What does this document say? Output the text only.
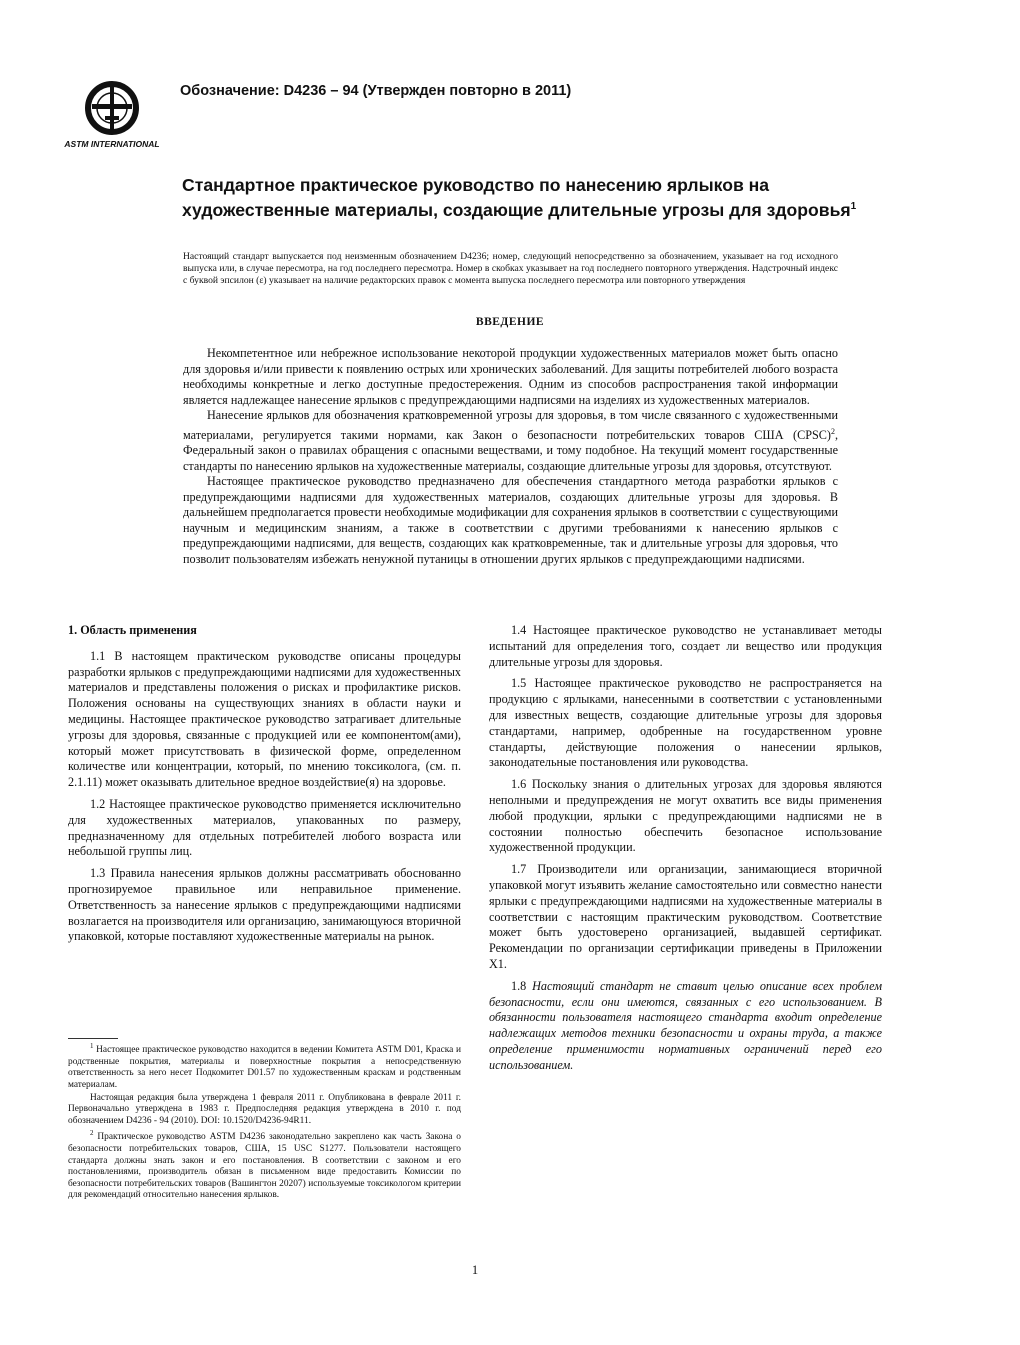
ASTM INTERNATIONAL
Обозначение: D4236 – 94 (Утвержден повторно в 2011)
Стандартное практическое руководство по нанесению ярлыков на художественные материалы, создающие длительные угрозы для здоровья$^1$

Настоящий стандарт выпускается под неизменным обозначением D4236; номер, следующий непосредственно за обозначением, указывает на год исходного выпуска или, в случае пересмотра, на год последнего пересмотра. Номер в скобках указывает на год последнего повторного утверждения. Надстрочный индекс с буквой эпсилон (ε) указывает на наличие редакторских правок с момента выпуска последнего пересмотра или повторного утверждения

ВВЕДЕНИЕ

Некомпетентное или небрежное использование некоторой продукции художественных материалов может быть опасно для здоровья и/или привести к появлению острых или хронических заболеваний. Для защиты потребителей любого возраста необходимы конкретные и легко доступные предостережения. Одним из способов распространения такой информации является надлежащее нанесение ярлыков с предупреждающими надписями на изделиях из художественных материалов.

Нанесение ярлыков для обозначения кратковременной угрозы для здоровья, в том числе связанного с художественными материалами, регулируется такими нормами, как Закон о безопасности потребительских товаров США (CPSC)$^2$, Федеральный закон о правилах обращения с опасными веществами, и тому подобное. На текущий момент государственные стандарты по нанесению ярлыков на художественные материалы, создающие длительные угрозы для здоровья, отсутствуют.

Настоящее практическое руководство предназначено для обеспечения стандартного метода разработки ярлыков с предупреждающими надписями для художественных материалов, создающих длительные угрозы для здоровья. В дальнейшем предполагается провести необходимые модификации для сохранения ярлыков в соответствии с существующими научным и медицинским знаниям, а также в соответствии с другими требованиями к нанесению ярлыков с предупреждающими надписями, для веществ, создающих как кратковременные, так и длительные угрозы для здоровья, что позволит пользователям избежать ненужной путаницы в отношении других ярлыков с предупреждающими надписями.

1. Область применения

1.1 В настоящем практическом руководстве описаны процедуры разработки ярлыков с предупреждающими надписями для художественных материалов и представлены положения о рисках и профилактике рисков. Положения основаны на существующих знаниях в области науки и медицины. Настоящее практическое руководство затрагивает длительные угрозы для здоровья, связанные с продукцией или ее компонентом(ами), который может присутствовать в физической форме, определенном количестве или концентрации, который, по мнению токсиколога, (см. п. 2.1.11) может оказывать длительное вредное воздействие(я) на здоровье.

1.2 Настоящее практическое руководство применяется исключительно для художественных материалов, упакованных по размеру, предназначенному для отдельных потребителей любого возраста или небольшой группы лиц.

1.3 Правила нанесения ярлыков должны рассматривать обоснованно прогнозируемое правильное или неправильное применение. Ответственность за нанесение ярлыков с предупреждающими надписями возлагается на производителя или организацию, занимающуюся вторичной упаковкой, которые поставляют художественные материалы на рынок.

1.4 Настоящее практическое руководство не устанавливает методы испытаний для определения того, создает ли вещество или продукция длительные угрозы для здоровья.

1.5 Настоящее практическое руководство не распространяется на продукцию с ярлыками, нанесенными в соответствии с установленными для известных веществ, создающие длительные угрозы для здоровья стандартами, например, одобренные на государственном уровне стандарты, действующие положения о нанесении ярлыков, законодательные постановления или руководства.

1.6 Поскольку знания о длительных угрозах для здоровья являются неполными и предупреждения не могут охватить все виды применения любой продукции, ярлыки с предупреждающими надписями не в состоянии полностью обеспечить безопасное использование художественной продукции.

1.7 Производители или организации, занимающиеся вторичной упаковкой могут изъявить желание самостоятельно или совместно нанести ярлыки с предупреждающими надписями на художественные материалы в соответствии с настоящим практическим руководством. Соответствие может быть удостоверено организацией, выдавшей сертификат. Рекомендации по организации сертификации приведены в Приложении X1.

1.8 Настоящий стандарт не ставит целью описание всех проблем безопасности, если они имеются, связанных с его использованием. В обязанности пользователя настоящего стандарта входит определение надлежащих методов техники безопасности и охраны труда, а также определение применимости нормативных ограничений перед его использованием.

$^1$ Настоящее практическое руководство находится в ведении Комитета ASTM D01, Краска и родственные покрытия, материалы и поверхностные покрытия а непосредственную ответственность за него несет Подкомитет D01.57 по художественным краскам и родственным материалам.

Настоящая редакция была утверждена 1 февраля 2011 г. Опубликована в феврале 2011 г. Первоначально утверждена в 1983 г. Предпоследняя редакция утверждена в 2010 г. под обозначением D4236 - 94 (2010). DOI: 10.1520/D4236-94R11.

$^2$ Практическое руководство ASTM D4236 законодательно закреплено как часть Закона о безопасности потребительских товаров, США, 15 USC S1277. Пользователи настоящего стандарта должны знать закон и его постановления. В соответствии с законом и его постановлениями, производитель обязан в письменном виде предоставить Комиссии по безопасности потребительских товаров (Вашингтон 20207) используемые токсикологом критерии для рекомендаций относительно нанесения ярлыков.

1
